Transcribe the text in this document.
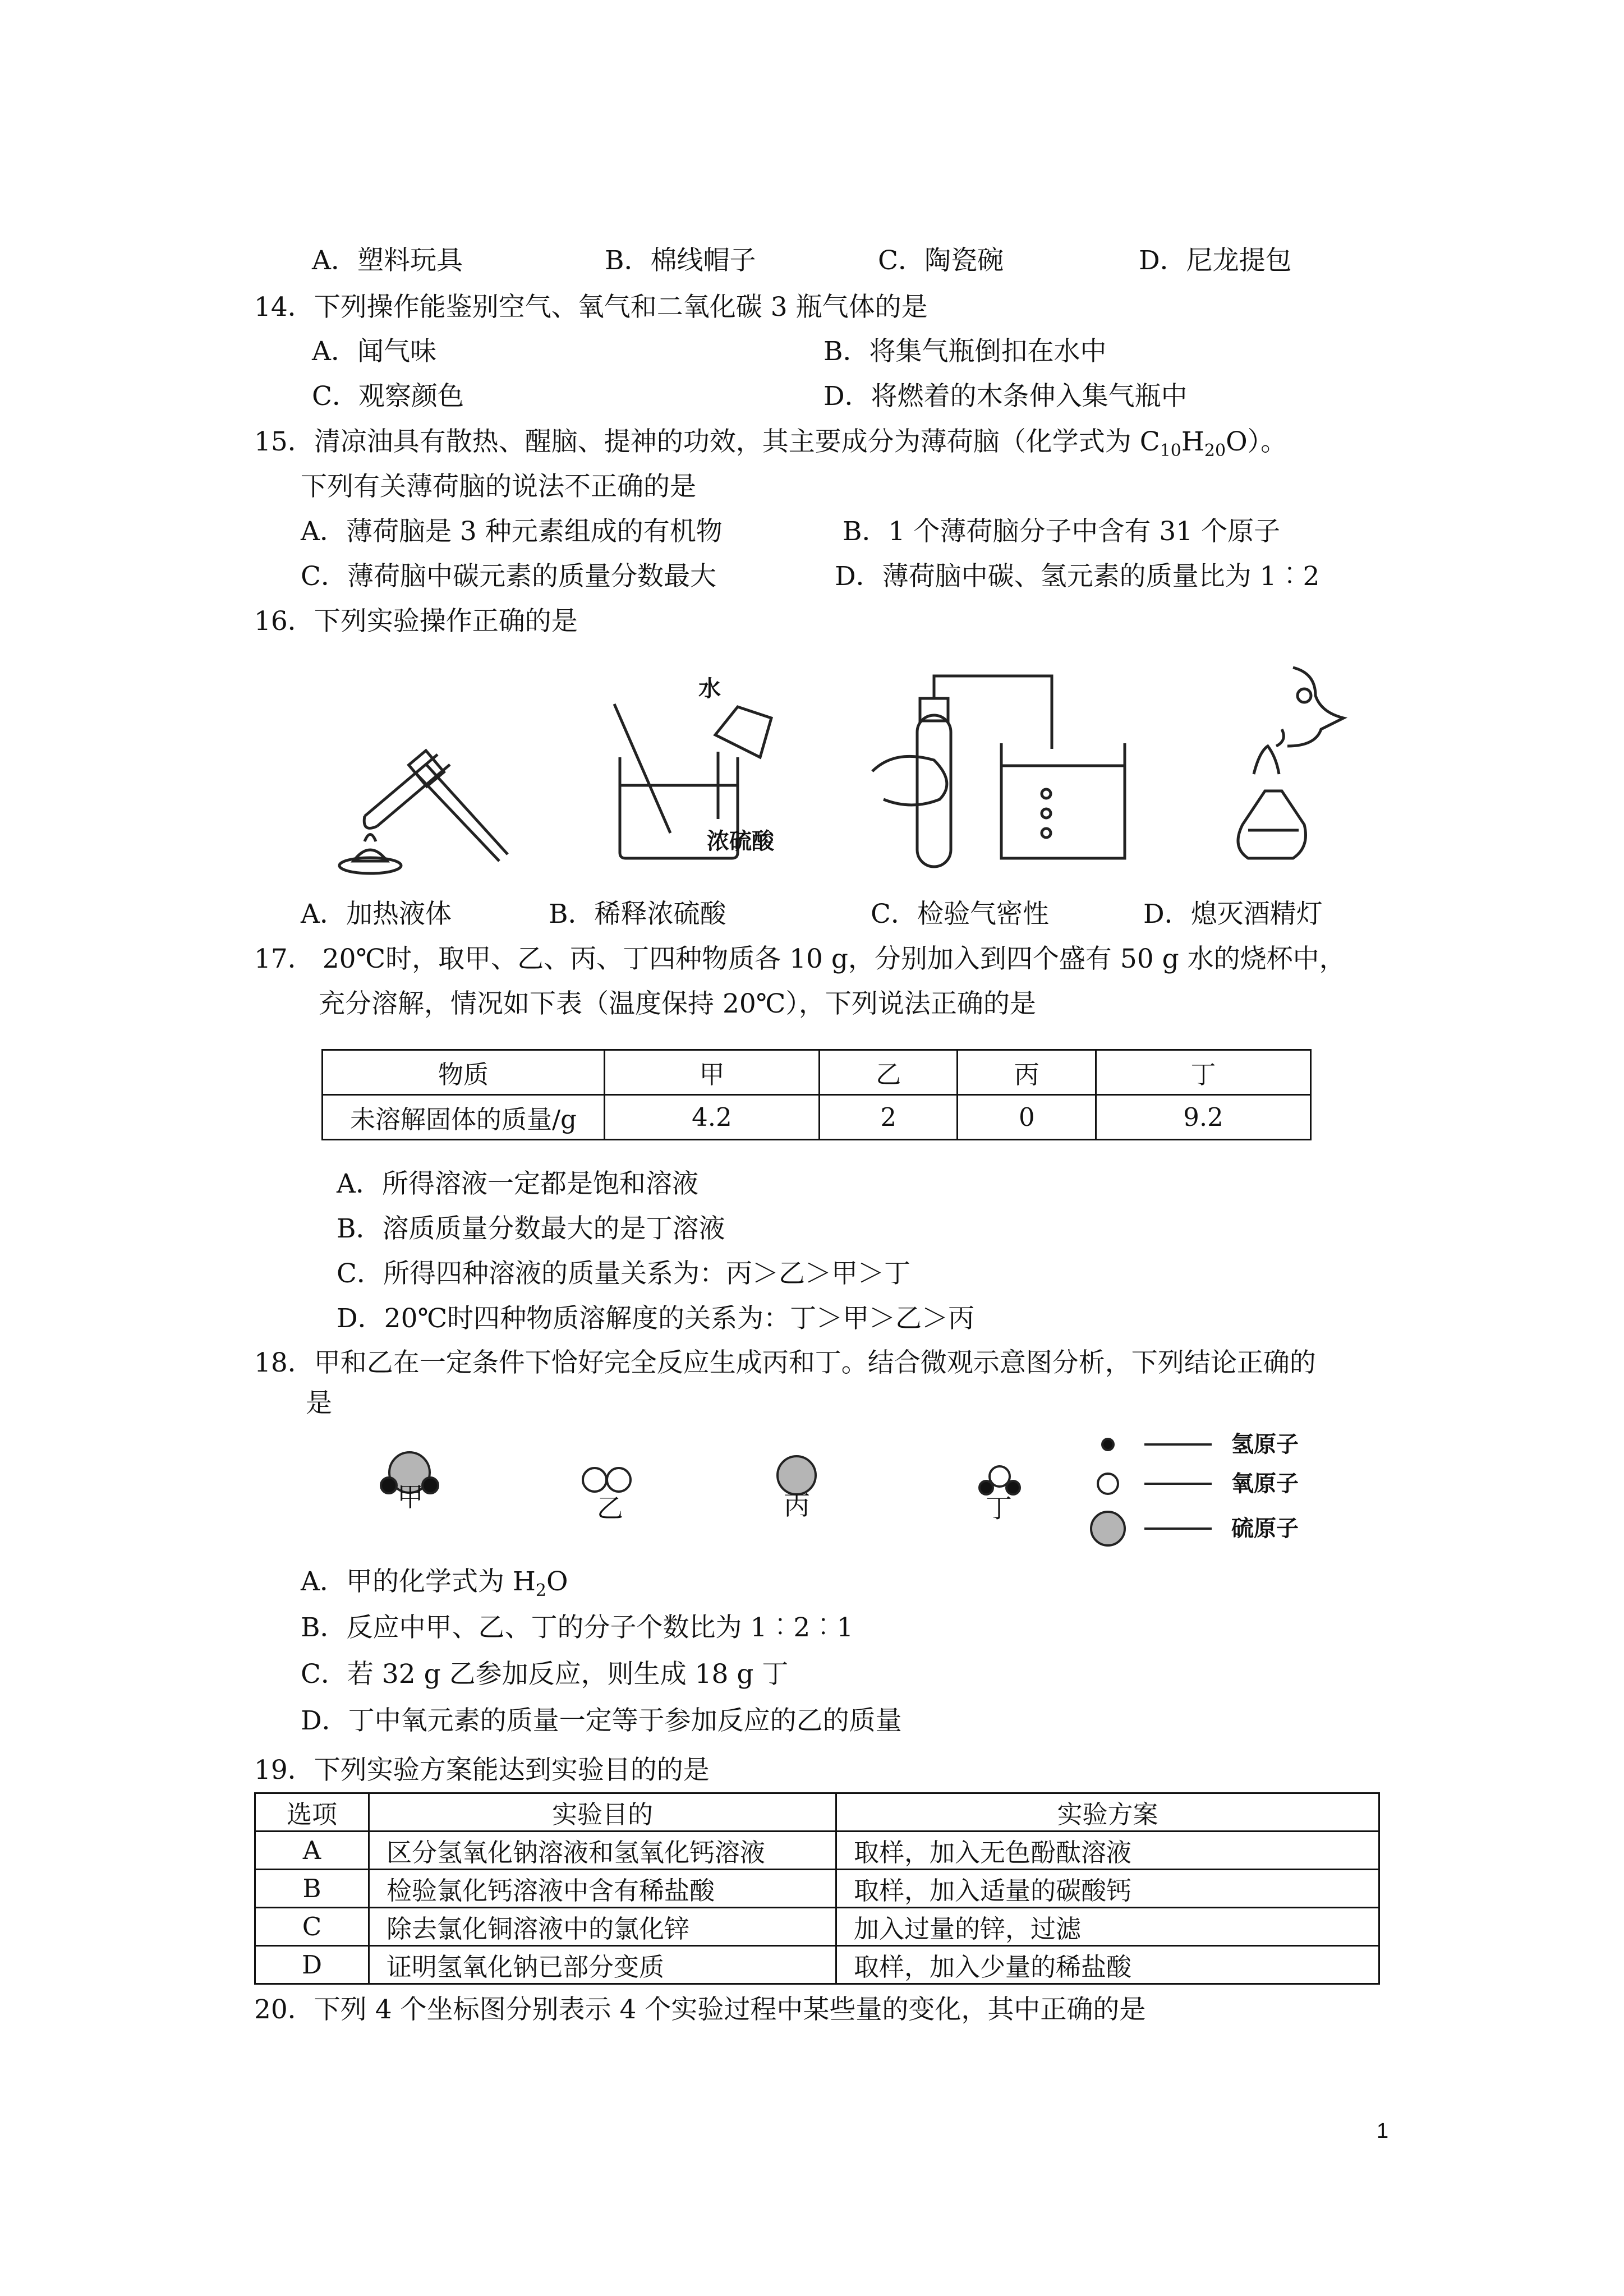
A．塑料玩具	B．棉线帽子	C．陶瓷碗	D．尼龙提包
14．下列操作能鉴别空气、氧气和二氧化碳 3 瓶气体的是
A．闻气味	B．将集气瓶倒扣在水中
C．观察颜色	D．将燃着的木条伸入集气瓶中
15．清凉油具有散热、醒脑、提神的功效，其主要成分为薄荷脑（化学式为 $C_{10}H_{20}O$）。
下列有关薄荷脑的说法不正确的是
A．薄荷脑是 3 种元素组成的有机物	B．1 个薄荷脑分子中含有 31 个原子
C．薄荷脑中碳元素的质量分数最大	D．薄荷脑中碳、氢元素的质量比为 1︰2
16．下列实验操作正确的是
水
浓硫酸
A．加热液体	B．稀释浓硫酸	C．检验气密性	D．熄灭酒精灯
17． 20℃时，取甲、乙、丙、丁四种物质各 10 g，分别加入到四个盛有 50 g 水的烧杯中，
充分溶解，情况如下表（温度保持 20℃），下列说法正确的是
物质	甲	乙	丙	丁
未溶解固体的质量/g	4.2	2	0	9.2
A．所得溶液一定都是饱和溶液
B．溶质质量分数最大的是丁溶液
C．所得四种溶液的质量关系为：丙＞乙＞甲＞丁
D．20℃时四种物质溶解度的关系为：丁＞甲＞乙＞丙
18．甲和乙在一定条件下恰好完全反应生成丙和丁。结合微观示意图分析，下列结论正确的
是
甲	乙	丙	丁
氢原子
氧原子
硫原子
A．甲的化学式为 $H_2O$
B．反应中甲、乙、丁的分子个数比为 1︰2︰1
C．若 32 g 乙参加反应，则生成 18 g 丁
D．丁中氧元素的质量一定等于参加反应的乙的质量
19．下列实验方案能达到实验目的的是
选项	实验目的	实验方案
A	区分氢氧化钠溶液和氢氧化钙溶液	取样，加入无色酚酞溶液
B	检验氯化钙溶液中含有稀盐酸	取样，加入适量的碳酸钙
C	除去氯化铜溶液中的氯化锌	加入过量的锌，过滤
D	证明氢氧化钠已部分变质	取样，加入少量的稀盐酸
20．下列 4 个坐标图分别表示 4 个实验过程中某些量的变化，其中正确的是
1
